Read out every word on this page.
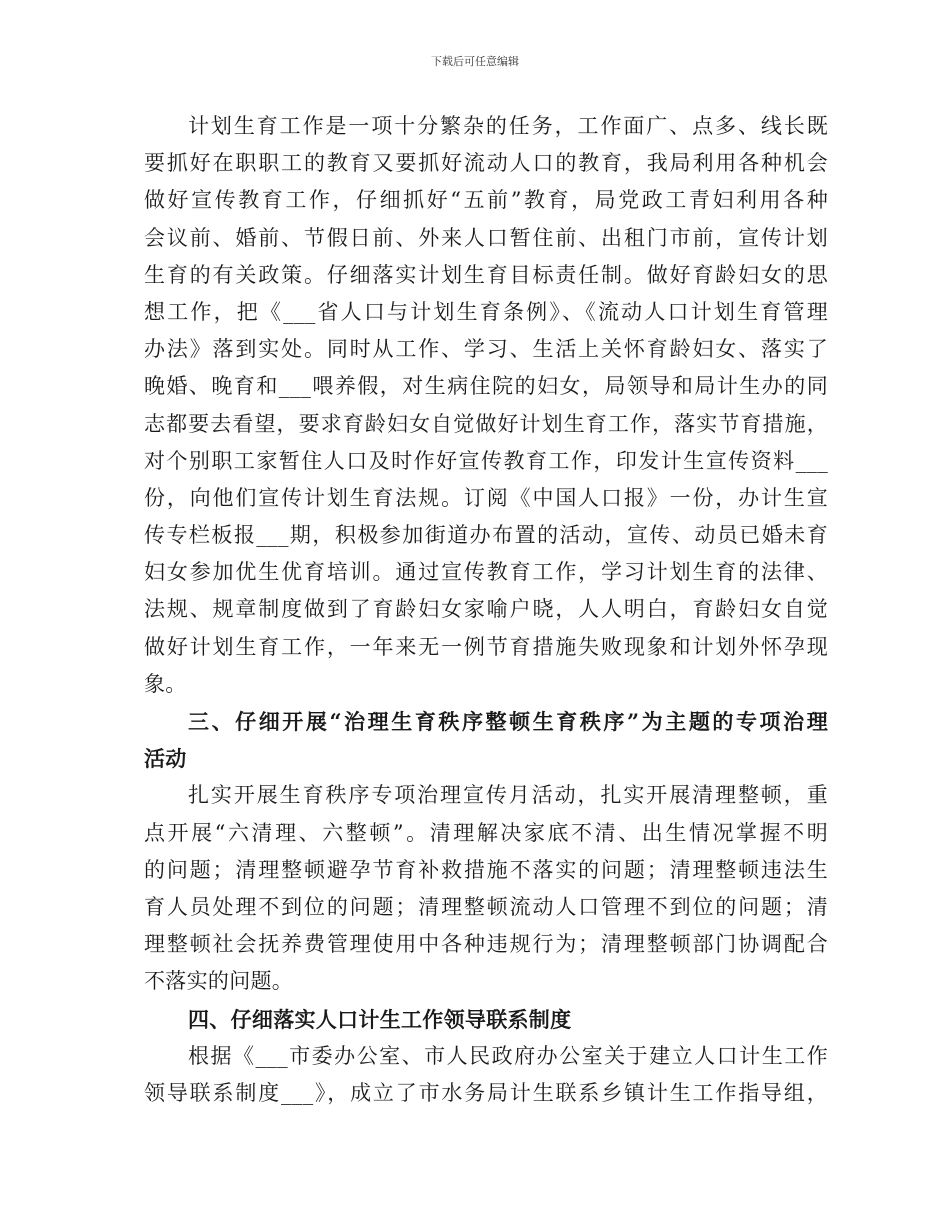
下载后可任意编辑
计划生育工作是一项十分繁杂的任务，工作面广、点多、线长既
要抓好在职职工的教育又要抓好流动人口的教育，我局利用各种机会
做好宣传教育工作，仔细抓好“五前”教育，局党政工青妇利用各种
会议前、婚前、节假日前、外来人口暂住前、出租门市前，宣传计划
生育的有关政策。仔细落实计划生育目标责任制。做好育龄妇女的思
想工作，把《___省人口与计划生育条例》、《流动人口计划生育管理
办法》落到实处。同时从工作、学习、生活上关怀育龄妇女、落实了
晚婚、晚育和___喂养假，对生病住院的妇女，局领导和局计生办的同
志都要去看望，要求育龄妇女自觉做好计划生育工作，落实节育措施，
对个别职工家暂住人口及时作好宣传教育工作，印发计生宣传资料___
份，向他们宣传计划生育法规。订阅《中国人口报》一份，办计生宣
传专栏板报___期，积极参加街道办布置的活动，宣传、动员已婚未育
妇女参加优生优育培训。通过宣传教育工作，学习计划生育的法律、
法规、规章制度做到了育龄妇女家喻户晓，人人明白，育龄妇女自觉
做好计划生育工作，一年来无一例节育措施失败现象和计划外怀孕现
象。
三、仔细开展“治理生育秩序整顿生育秩序”为主题的专项治理
活动
扎实开展生育秩序专项治理宣传月活动，扎实开展清理整顿，重
点开展“六清理、六整顿”。清理解决家底不清、出生情况掌握不明
的问题；清理整顿避孕节育补救措施不落实的问题；清理整顿违法生
育人员处理不到位的问题；清理整顿流动人口管理不到位的问题；清
理整顿社会抚养费管理使用中各种违规行为；清理整顿部门协调配合
不落实的问题。
四、仔细落实人口计生工作领导联系制度
根据《___市委办公室、市人民政府办公室关于建立人口计生工作
领导联系制度___》，成立了市水务局计生联系乡镇计生工作指导组，
